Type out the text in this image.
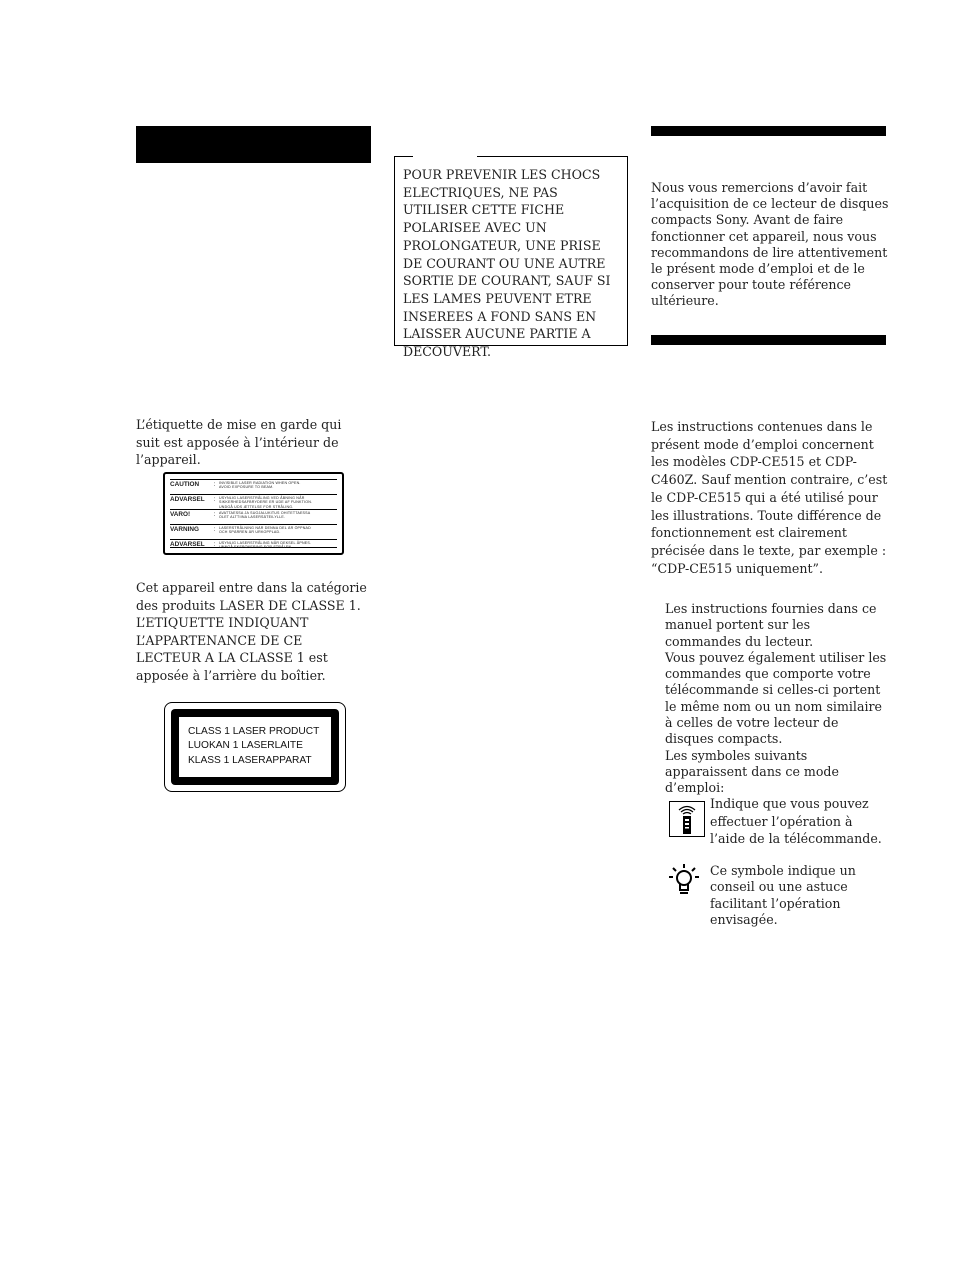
L’étiquette de mise en garde qui suit est apposée à l’intérieur de l’appareil.
CAUTION	:	INVISIBLE LASER RADIATION WHEN OPEN.
AVOID EXPOSURE TO BEAM.
ADVARSEL	:	USYNLIG LASERSTRÅLING VED ÅBNING NÅR
SIKKERHEDSAFBRYDERE ER UDE AF FUNKTION.
UNDGÅ UDS ÆTTELSE FOR STRÅLING.
VARO!	:	AVATTAESSA JA SUOJALUKITUS OHITETTAESSA
OLET ALTTIINA LASERSÄTEILYLLE.
VARNING	:	LASERSTRÅLNING NÄR DENNA DEL ÄR ÖPPNAD
OCH SPÄRREN ÄR URKOPPLAD.
ADVARSEL	:	USYNLIG LASERSTRÅLING NÅR DEKSEL ÅPNES.
UNNGÅ EKSPONERING FOR STRÅLEN.
Cet appareil entre dans la catégorie des produits LASER DE CLASSE 1. L’ETIQUETTE INDIQUANT L’APPARTENANCE DE CE LECTEUR A LA CLASSE 1 est apposée à l’arrière du boîtier.
CLASS 1 LASER PRODUCT
LUOKAN 1 LASERLAITE
KLASS 1 LASERAPPARAT
POUR PREVENIR LES CHOCS ELECTRIQUES, NE PAS UTILISER CETTE FICHE POLARISEE AVEC UN PROLONGATEUR, UNE PRISE DE COURANT OU UNE AUTRE SORTIE DE COURANT, SAUF SI LES LAMES PEUVENT ETRE INSEREES A FOND SANS EN LAISSER AUCUNE PARTIE A DECOUVERT.
Nous vous remercions d’avoir fait l’acquisition de ce lecteur de disques compacts Sony. Avant de faire fonctionner cet appareil, nous vous recommandons de lire attentivement le présent mode d’emploi et de le conserver pour toute référence ultérieure.
Les instructions contenues dans le présent mode d’emploi concernent les modèles CDP-CE515 et CDP-C460Z. Sauf mention contraire, c’est le CDP-CE515 qui a été utilisé pour les illustrations. Toute différence de fonctionnement est clairement précisée dans le texte, par exemple : “CDP-CE515 uniquement”.
Les instructions fournies dans ce manuel portent sur les commandes du lecteur.
Vous pouvez également utiliser les commandes que comporte votre télécommande si celles-ci portent le même nom ou un nom similaire à celles de votre lecteur de disques compacts.
Les symboles suivants apparaissent dans ce mode d’emploi:
Indique que vous pouvez effectuer l’opération à l’aide de la télécommande.
Ce symbole indique un conseil ou une astuce facilitant l’opération envisagée.
